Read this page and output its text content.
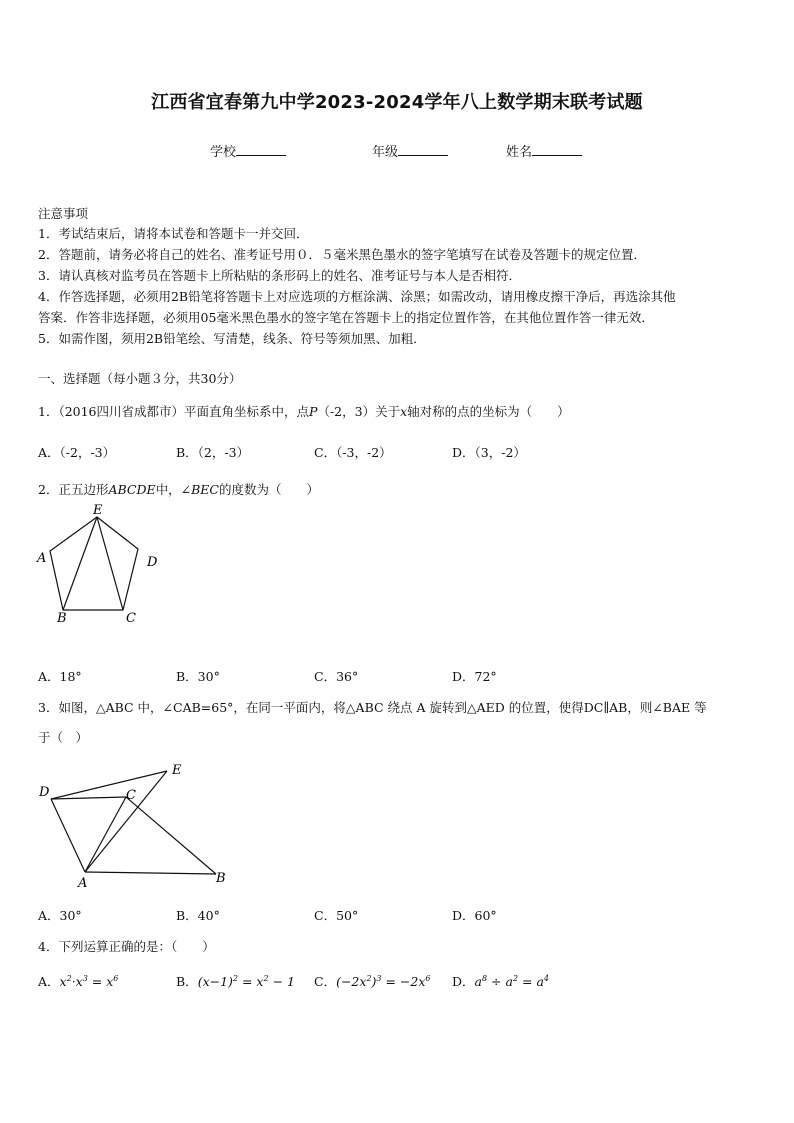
江西省宜春第九中学2023-2024学年八上数学期末联考试题
学校	年级	姓名
注意事项
1．考试结束后，请将本试卷和答题卡一并交回．
2．答题前，请务必将自己的姓名、准考证号用０．５毫米黑色墨水的签字笔填写在试卷及答题卡的规定位置．
3．请认真核对监考员在答题卡上所粘贴的条形码上的姓名、准考证号与本人是否相符．
4．作答选择题，必须用2B铅笔将答题卡上对应选项的方框涂满、涂黑；如需改动，请用橡皮擦干净后，再选涂其他
答案．作答非选择题，必须用05毫米黑色墨水的签字笔在答题卡上的指定位置作答，在其他位置作答一律无效．
5．如需作图，须用2B铅笔绘、写清楚，线条、符号等须加黑、加粗．
一、选择题（每小题３分，共30分）
1．（2016四川省成都市）平面直角坐标系中，点P（-2，3）关于x轴对称的点的坐标为（　　）
A．（-2，-3）	B．（2，-3）	C．（-3，-2）	D．（3，-2）
2．正五边形ABCDE中，∠BEC的度数为（　　）
E
A	D
B	C
A．18°	B．30°	C．36°	D．72°
3．如图，△ABC 中，∠CAB=65°，在同一平面内，将△ABC 绕点 A 旋转到△AED 的位置，使得DC∥AB，则∠BAE 等
于（　）
D
E
C
A	B
A．30°	B．40°	C．50°	D．60°
4．下列运算正确的是：（　　）
A．$x^2\cdot x^3 = x^6$	B．$(x-1)^2 = x^2 - 1$ C．$(-2x^2)^3 = -2x^6$ D．$a^8 \div a^2 = a^4$
